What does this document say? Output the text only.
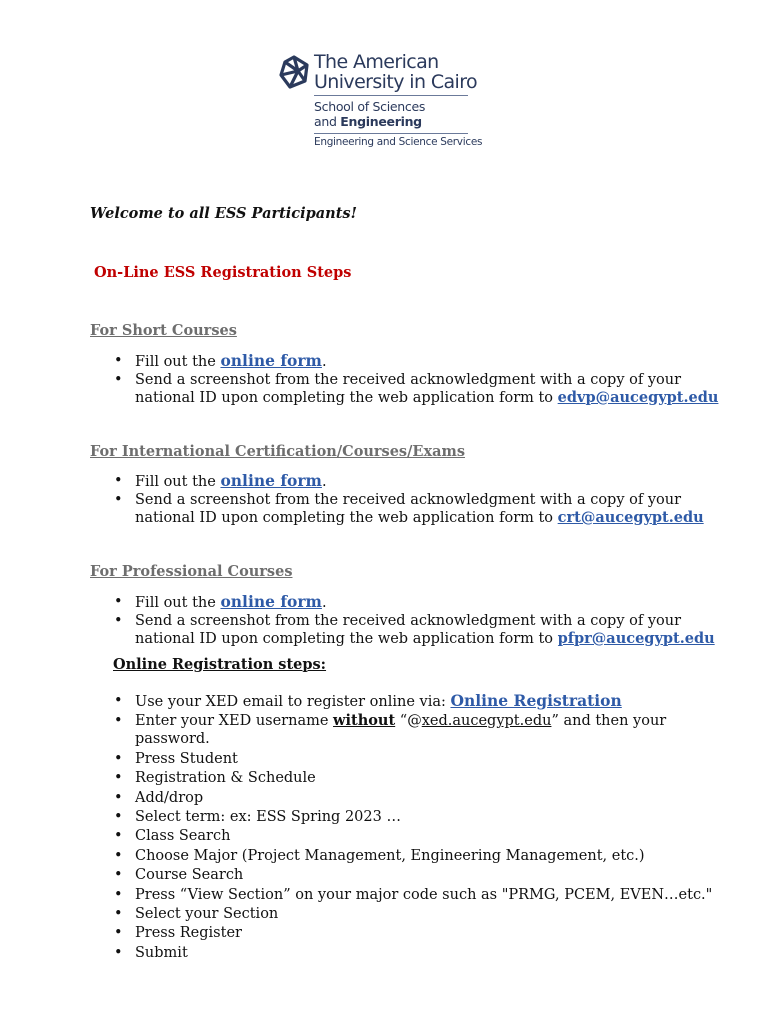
The American
University in Cairo
School of Sciences
and Engineering
Engineering and Science Services
Welcome to all ESS Participants!
On-Line ESS Registration Steps
For Short Courses
• Fill out the online form.
• Send a screenshot from the received acknowledgment with a copy of your
national ID upon completing the web application form to edvp@aucegypt.edu
For International Certification/Courses/Exams
• Fill out the online form.
• Send a screenshot from the received acknowledgment with a copy of your
national ID upon completing the web application form to crt@aucegypt.edu
For Professional Courses
• Fill out the online form.
• Send a screenshot from the received acknowledgment with a copy of your
national ID upon completing the web application form to pfpr@aucegypt.edu
Online Registration steps:
• Use your XED email to register online via: Online Registration
• Enter your XED username without “@xed.aucegypt.edu” and then your
password.
• Press Student
• Registration & Schedule
• Add/drop
• Select term: ex: ESS Spring 2023 …
• Class Search
• Choose Major (Project Management, Engineering Management, etc.)
• Course Search
• Press “View Section” on your major code such as "PRMG, PCEM, EVEN…etc."
• Select your Section
• Press Register
• Submit
